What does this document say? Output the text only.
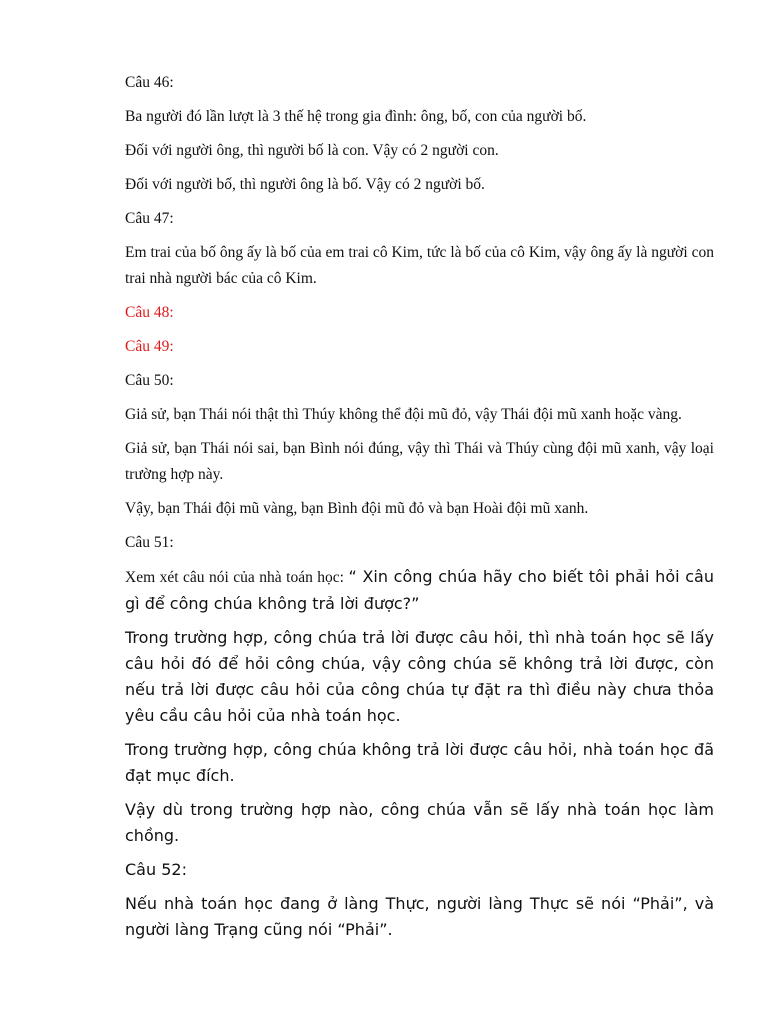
Câu 46:

Ba người đó lần lượt là 3 thế hệ trong gia đình: ông, bố, con của người bố.

Đối với người ông, thì người bố là con. Vậy có 2 người con.

Đối với người bố, thì người ông là bố. Vậy có 2 người bố.

Câu 47:

Em trai của bố ông ấy là bố của em trai cô Kim, tức là bố của cô Kim, vậy ông ấy là người con trai nhà người bác của cô Kim.

Câu 48:

Câu 49:

Câu 50:

Giả sử, bạn Thái nói thật thì Thúy không thể đội mũ đỏ, vậy Thái đội mũ xanh hoặc vàng.

Giả sử, bạn Thái nói sai, bạn Bình nói đúng, vậy thì Thái và Thúy cùng đội mũ xanh, vậy loại trường hợp này.

Vậy, bạn Thái đội mũ vàng, bạn Bình đội mũ đỏ và bạn Hoài đội mũ xanh.

Câu 51:

Xem xét câu nói của nhà toán học: “ Xin công chúa hãy cho biết tôi phải hỏi câu gì để công chúa không trả lời được?”

Trong trường hợp, công chúa trả lời được câu hỏi, thì nhà toán học sẽ lấy câu hỏi đó để hỏi công chúa, vậy công chúa sẽ không trả lời được, còn nếu trả lời được câu hỏi của công chúa tự đặt ra thì điều này chưa thỏa yêu cầu câu hỏi của nhà toán học.

Trong trường hợp, công chúa không trả lời được câu hỏi, nhà toán học đã đạt mục đích.

Vậy dù trong trường hợp nào, công chúa vẫn sẽ lấy nhà toán học làm chồng.

Câu 52:

Nếu nhà toán học đang ở làng Thực, người làng Thực sẽ nói “Phải”, và người làng Trạng cũng nói “Phải”.
